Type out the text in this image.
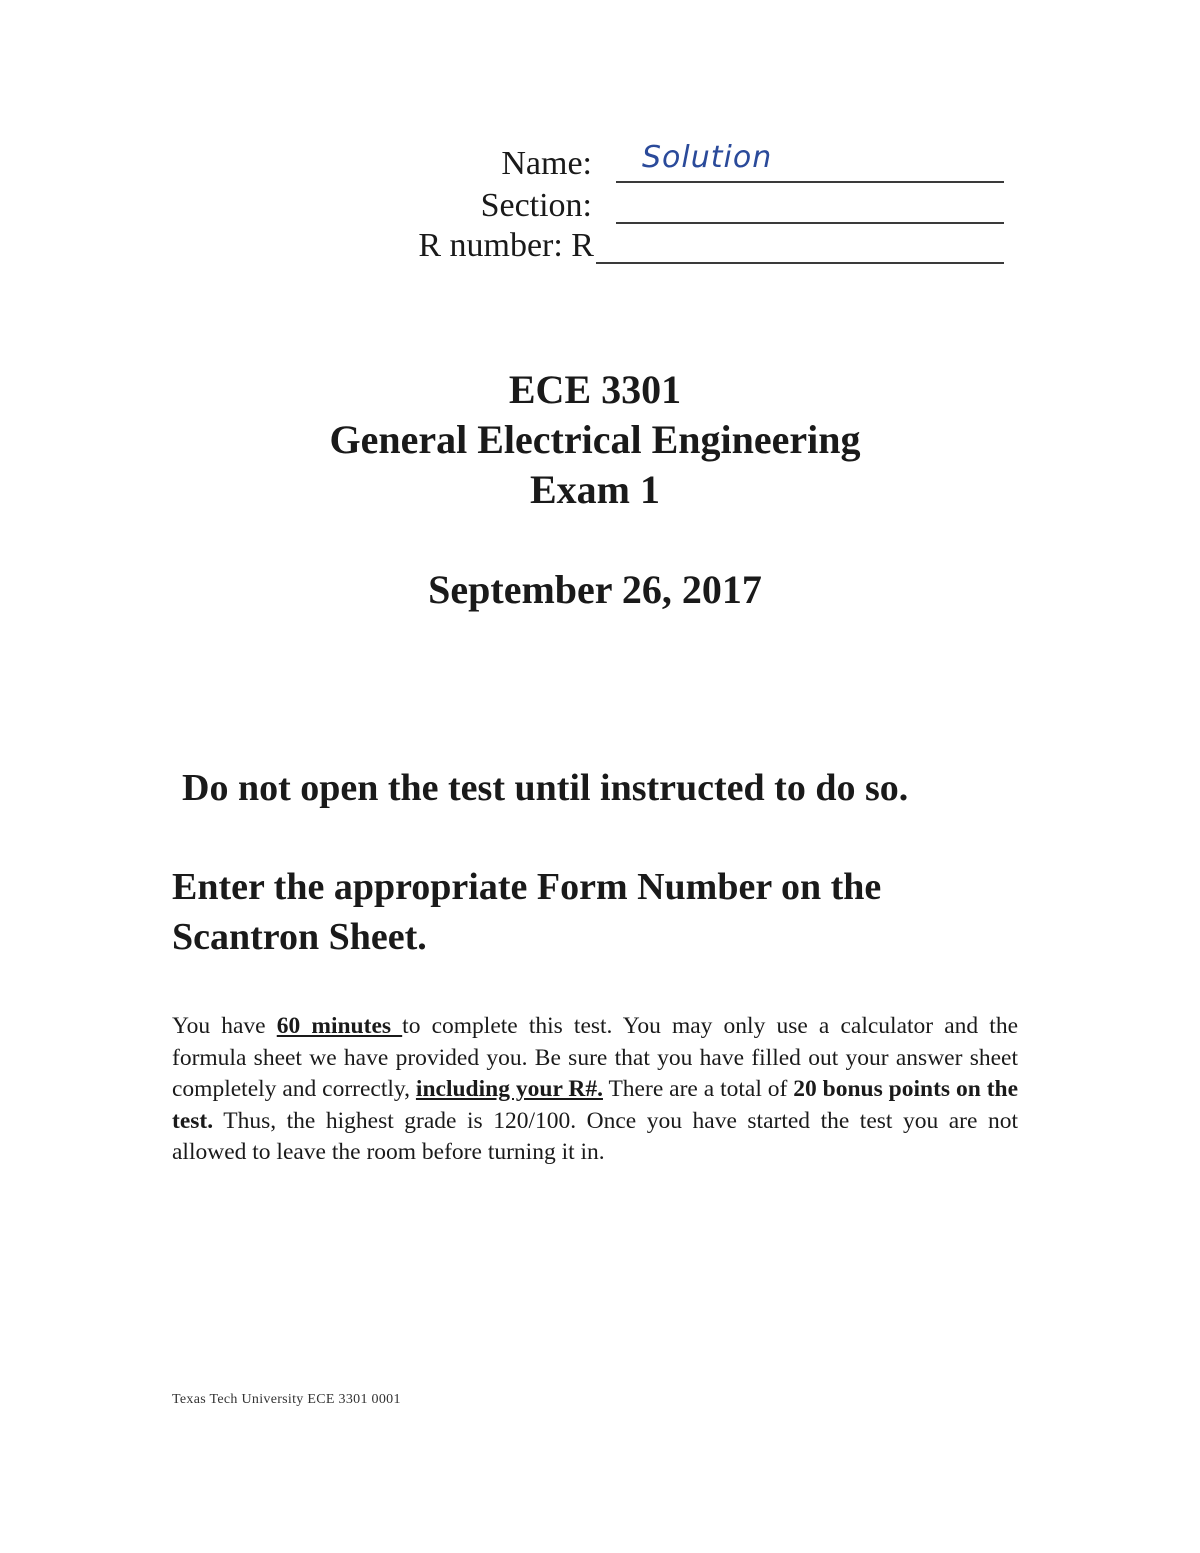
Name: Solution
Section:
R number: R
ECE 3301
General Electrical Engineering
Exam 1
September 26, 2017
Do not open the test until instructed to do so.
Enter the appropriate Form Number on the
Scantron Sheet.
You have 60 minutes to complete this test. You may only use a calculator and the formula sheet we have provided you. Be sure that you have filled out your answer sheet completely and correctly, including your R#. There are a total of 20 bonus points on the test. Thus, the highest grade is 120/100. Once you have started the test you are not allowed to leave the room before turning it in.
Texas Tech University ECE 3301 0001
